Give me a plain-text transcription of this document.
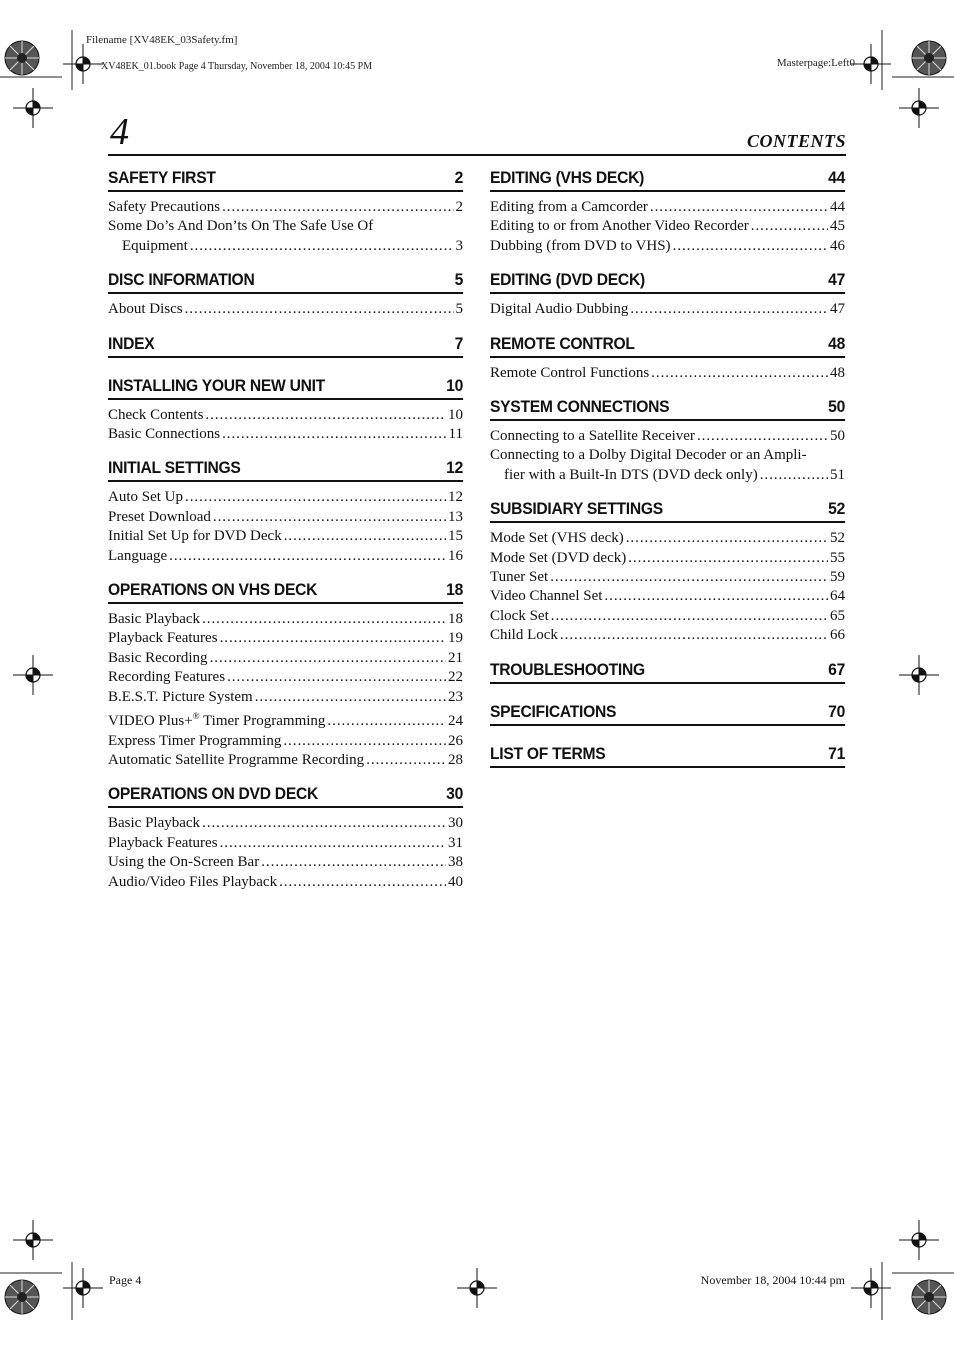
Filename [XV48EK_03Safety.fm]
XV48EK_01.book Page 4 Thursday, November 18, 2004 10:45 PM	Masterpage:Left0
4	CONTENTS
SAFETY FIRST	2
Safety Precautions . . .	2
Some Do’s And Don’ts On The Safe Use Of
Equipment . . .	3
DISC INFORMATION	5
About Discs . . .	5
INDEX	7
INSTALLING YOUR NEW UNIT	10
Check Contents . . .	10
Basic Connections . . .	11
INITIAL SETTINGS	12
Auto Set Up . . .	12
Preset Download . . .	13
Initial Set Up for DVD Deck . . .	15
Language . . .	16
OPERATIONS ON VHS DECK	18
Basic Playback . . .	18
Playback Features . . .	19
Basic Recording . . .	21
Recording Features . . .	22
B.E.S.T. Picture System . . .	23
VIDEO Plus+® Timer Programming . . .	24
Express Timer Programming . . .	26
Automatic Satellite Programme Recording . . .	28
OPERATIONS ON DVD DECK	30
Basic Playback . . .	30
Playback Features . . .	31
Using the On-Screen Bar . . .	38
Audio/Video Files Playback . . .	40
EDITING (VHS DECK)	44
Editing from a Camcorder . . .	44
Editing to or from Another Video Recorder . . .	45
Dubbing (from DVD to VHS) . . .	46
EDITING (DVD DECK)	47
Digital Audio Dubbing . . .	47
REMOTE CONTROL	48
Remote Control Functions . . .	48
SYSTEM CONNECTIONS	50
Connecting to a Satellite Receiver . . .	50
Connecting to a Dolby Digital Decoder or an Ampli-
fier with a Built-In DTS (DVD deck only) . . .	51
SUBSIDIARY SETTINGS	52
Mode Set (VHS deck) . . .	52
Mode Set (DVD deck) . . .	55
Tuner Set . . .	59
Video Channel Set . . .	64
Clock Set . . .	65
Child Lock . . .	66
TROUBLESHOOTING	67
SPECIFICATIONS	70
LIST OF TERMS	71
Page 4	November 18, 2004 10:44 pm
